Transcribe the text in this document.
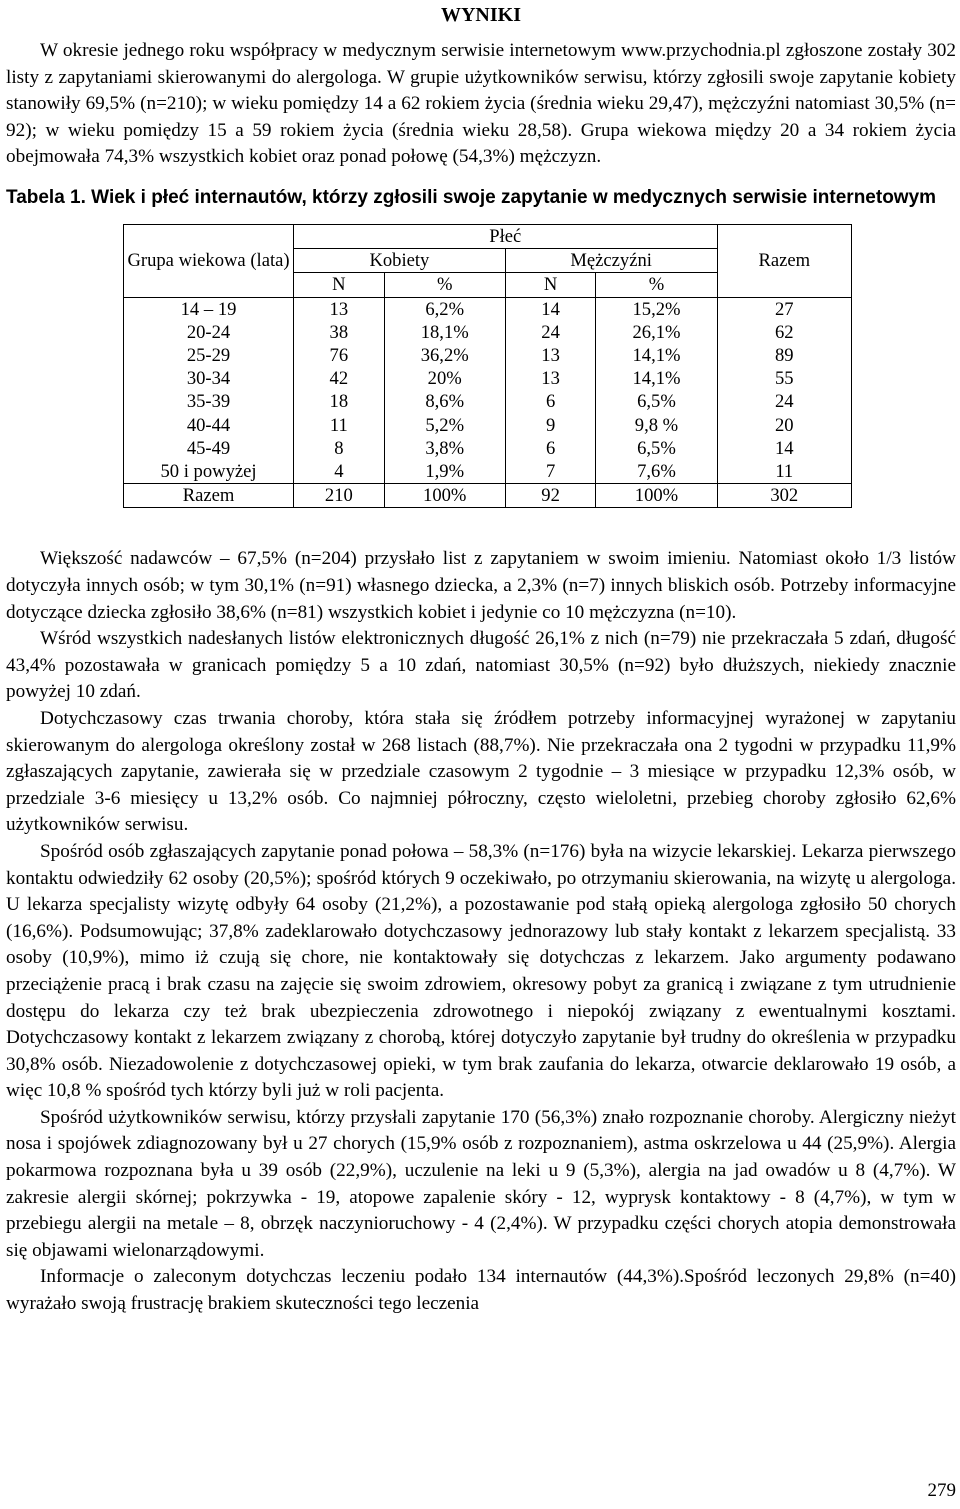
WYNIKI

W okresie jednego roku współpracy w medycznym serwisie internetowym www.przychodnia.pl zgłoszone zostały 302 listy z zapytaniami skierowanymi do alergologa. W grupie użytkowników serwisu, którzy zgłosili swoje zapytanie kobiety stanowiły 69,5% (n=210); w wieku pomiędzy 14 a 62 rokiem życia (średnia wieku 29,47), mężczyźni natomiast 30,5% (n= 92); w wieku pomiędzy 15 a 59 rokiem życia (średnia wieku 28,58). Grupa wiekowa między 20 a 34 rokiem życia obejmowała 74,3% wszystkich kobiet oraz ponad połowę (54,3%) mężczyzn.

Tabela 1. Wiek i płeć internautów, którzy zgłosili swoje zapytanie w medycznych serwisie internetowym
Grupa wiekowa (lata)	Płeć				Razem
	Kobiety		Mężczyźni		
	N	%	N	%	
14 – 19	13	6,2%	14	15,2%	27
20-24	38	18,1%	24	26,1%	62
25-29	76	36,2%	13	14,1%	89
30-34	42	20%	13	14,1%	55
35-39	18	8,6%	6	6,5%	24
40-44	11	5,2%	9	9,8 %	20
45-49	8	3,8%	6	6,5%	14
50 i powyżej	4	1,9%	7	7,6%	11
Razem	210	100%	92	100%	302

Większość nadawców – 67,5% (n=204) przysłało list z zapytaniem w swoim imieniu. Natomiast około 1/3 listów dotyczyła innych osób; w tym 30,1% (n=91) własnego dziecka, a 2,3% (n=7) innych bliskich osób. Potrzeby informacyjne dotyczące dziecka zgłosiło 38,6% (n=81) wszystkich kobiet i jedynie co 10 mężczyzna (n=10).

Wśród wszystkich nadesłanych listów elektronicznych długość 26,1% z nich (n=79) nie przekraczała 5 zdań, długość 43,4% pozostawała w granicach pomiędzy 5 a 10 zdań, natomiast 30,5% (n=92) było dłuższych, niekiedy znacznie powyżej 10 zdań.

Dotychczasowy czas trwania choroby, która stała się źródłem potrzeby informacyjnej wyrażonej w zapytaniu skierowanym do alergologa określony został w 268 listach (88,7%). Nie przekraczała ona 2 tygodni w przypadku 11,9% zgłaszających zapytanie, zawierała się w przedziale czasowym 2 tygodnie – 3 miesiące w przypadku 12,3% osób, w przedziale 3-6 miesięcy u 13,2% osób. Co najmniej półroczny, często wieloletni, przebieg choroby zgłosiło 62,6% użytkowników serwisu.

Spośród osób zgłaszających zapytanie ponad połowa – 58,3% (n=176) była na wizycie lekarskiej. Lekarza pierwszego kontaktu odwiedziły 62 osoby (20,5%); spośród których 9 oczekiwało, po otrzymaniu skierowania, na wizytę u alergologa. U lekarza specjalisty wizytę odbyły 64 osoby (21,2%), a pozostawanie pod stałą opieką alergologa zgłosiło 50 chorych (16,6%). Podsumowując; 37,8% zadeklarowało dotychczasowy jednorazowy lub stały kontakt z lekarzem specjalistą. 33 osoby (10,9%), mimo iż czują się chore, nie kontaktowały się dotychczas z lekarzem. Jako argumenty podawano przeciążenie pracą i brak czasu na zajęcie się swoim zdrowiem, okresowy pobyt za granicą i związane z tym utrudnienie dostępu do lekarza czy też brak ubezpieczenia zdrowotnego i niepokój związany z ewentualnymi kosztami. Dotychczasowy kontakt z lekarzem związany z chorobą, której dotyczyło zapytanie był trudny do określenia w przypadku 30,8% osób. Niezadowolenie z dotychczasowej opieki, w tym brak zaufania do lekarza, otwarcie deklarowało 19 osób, a więc 10,8 % spośród tych którzy byli już w roli pacjenta.

Spośród użytkowników serwisu, którzy przysłali zapytanie 170 (56,3%) znało rozpoznanie choroby. Alergiczny nieżyt nosa i spojówek zdiagnozowany był u 27 chorych (15,9% osób z rozpoznaniem), astma oskrzelowa u 44 (25,9%). Alergia pokarmowa rozpoznana była u 39 osób (22,9%), uczulenie na leki u 9 (5,3%), alergia na jad owadów u 8 (4,7%). W zakresie alergii skórnej; pokrzywka - 19, atopowe zapalenie skóry - 12, wyprysk kontaktowy - 8 (4,7%), w tym w przebiegu alergii na metale – 8, obrzęk naczynioruchowy - 4 (2,4%). W przypadku części chorych atopia demonstrowała się objawami wielonarządowymi.

Informacje o zaleconym dotychczas leczeniu podało 134 internautów (44,3%).Spośród leczonych 29,8% (n=40) wyrażało swoją frustrację brakiem skuteczności tego leczenia

279
